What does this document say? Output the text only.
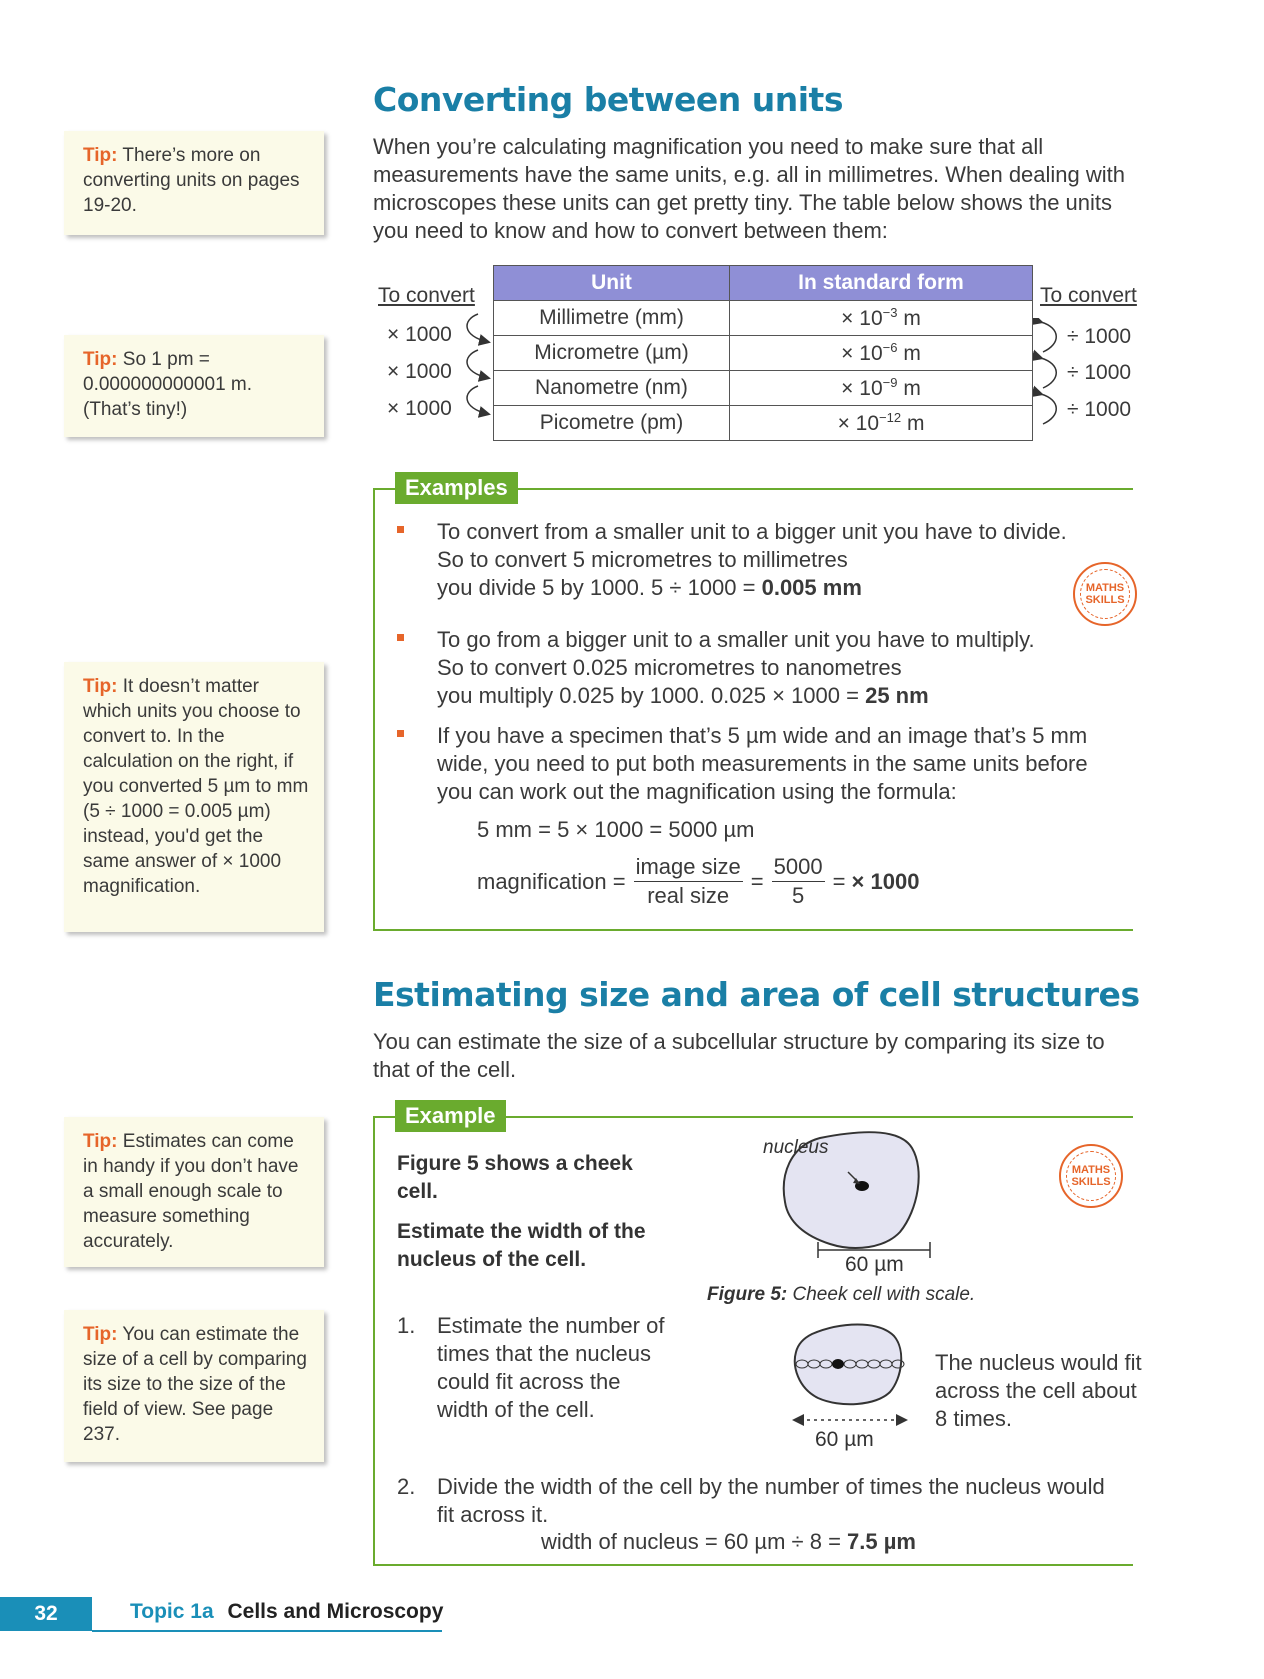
Converting between units
When you’re calculating magnification you need to make sure that all measurements have the same units, e.g. all in millimetres. When dealing with microscopes these units can get pretty tiny. The table below shows the units you need to know and how to convert between them:
Tip: There’s more on converting units on pages 19-20.
Tip: So 1 pm = 0.000000000001 m. (That’s tiny!)
Tip: It doesn’t matter which units you choose to convert to. In the calculation on the right, if you converted 5 µm to mm (5 ÷ 1000 = 0.005 µm) instead, you'd get the same answer of × 1000 magnification.
Tip: Estimates can come in handy if you don’t have a small enough scale to measure something accurately.
Tip: You can estimate the size of a cell by comparing its size to the size of the field of view. See page 237.
To convert	To convert
Unit	In standard form
Millimetre (mm)	× $10^{-3}$ m
Micrometre (µm)	× $10^{-6}$ m
Nanometre (nm)	× $10^{-9}$ m
Picometre (pm)	× $10^{-12}$ m
× 1000
× 1000
× 1000
÷ 1000
÷ 1000
÷ 1000
Examples
MATHS
SKILLS
To convert from a smaller unit to a bigger unit you have to divide.
So to convert 5 micrometres to millimetres
you divide 5 by 1000. 5 ÷ 1000 = 0.005 mm
To go from a bigger unit to a smaller unit you have to multiply.
So to convert 0.025 micrometres to nanometres
you multiply 0.025 by 1000. 0.025 × 1000 = 25 nm
If you have a specimen that’s 5 µm wide and an image that’s 5 mm wide, you need to put both measurements in the same units before you can work out the magnification using the formula:
5 mm = 5 × 1000 = 5000 µm
magnification = $\frac{\text{image size}}{\text{real size}} = \frac{5000}{5}$ = × 1000
Estimating size and area of cell structures
You can estimate the size of a subcellular structure by comparing its size to that of the cell.
Example
MATHS
SKILLS
Figure 5 shows a cheek cell.
Estimate the width of the nucleus of the cell.
nucleus
60 µm
Figure 5: Cheek cell with scale.
1. Estimate the number of times that the nucleus could fit across the width of the cell.
60 µm
The nucleus would fit across the cell about 8 times.
2. Divide the width of the cell by the number of times the nucleus would fit across it.
width of nucleus = 60 µm ÷ 8 = 7.5 µm
32	Topic 1a Cells and Microscopy
